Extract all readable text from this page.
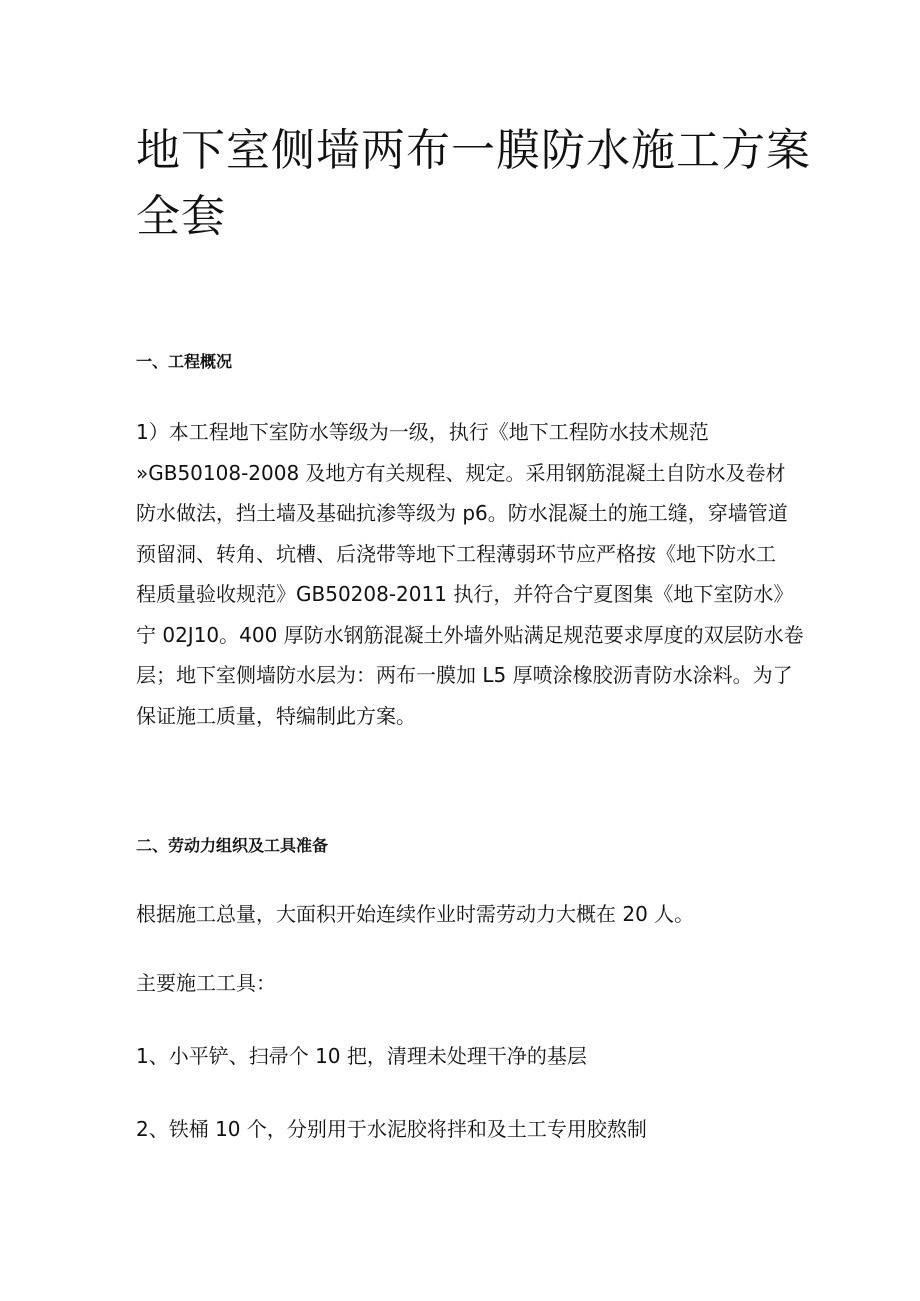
地下室侧墙两布一膜防水施工方案
全套
一、工程概况
1）本工程地下室防水等级为一级，执行《地下工程防水技术规范
»GB50108-2008 及地方有关规程、规定。采用钢筋混凝土自防水及卷材
防水做法，挡土墙及基础抗渗等级为 p6。防水混凝土的施工缝，穿墙管道
预留洞、转角、坑槽、后浇带等地下工程薄弱环节应严格按《地下防水工
程质量验收规范》GB50208-2011 执行，并符合宁夏图集《地下室防水》
宁 02J10。400 厚防水钢筋混凝土外墙外贴满足规范要求厚度的双层防水卷
层；地下室侧墙防水层为：两布一膜加 L5 厚喷涂橡胶沥青防水涂料。为了
保证施工质量，特编制此方案。
二、劳动力组织及工具准备

根据施工总量，大面积开始连续作业时需劳动力大概在 20 人。

主要施工工具：

1、小平铲、扫帚个 10 把，清理未处理干净的基层

2、铁桶 10 个，分别用于水泥胶将拌和及土工专用胶熬制
